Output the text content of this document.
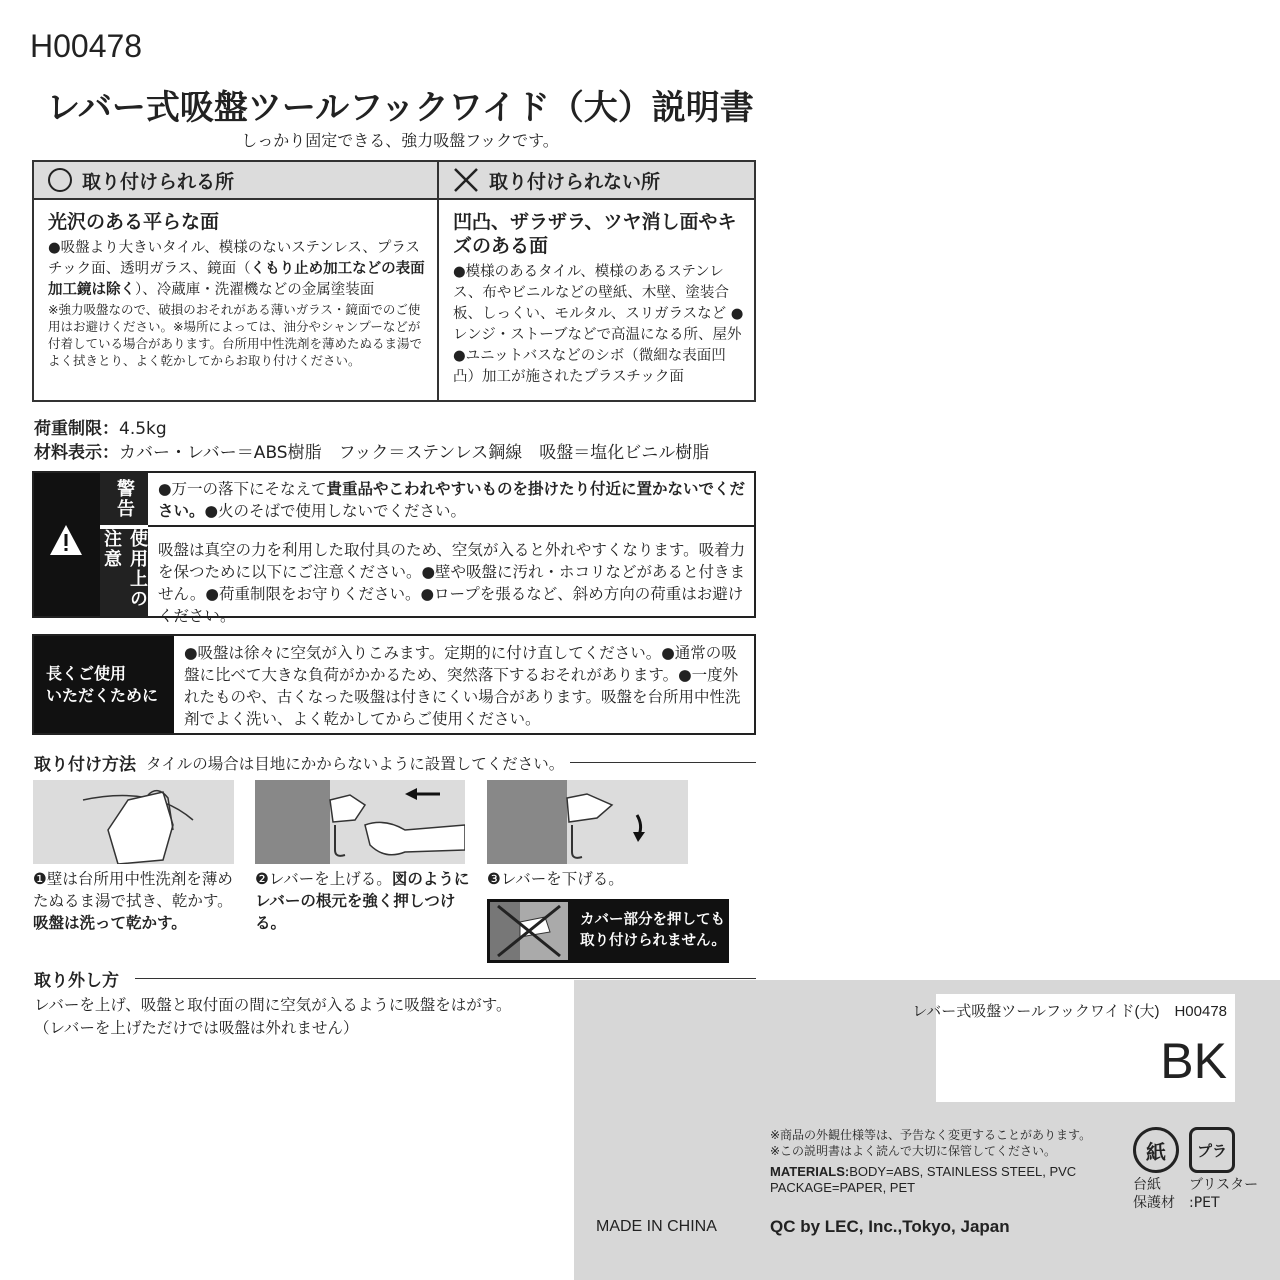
H00478
レバー式吸盤ツールフックワイド（大）説明書
しっかり固定できる、強力吸盤フックです。
取り付けられる所
光沢のある平らな面

●吸盤より大きいタイル、模様のないステンレス、プラスチック面、透明ガラス、鏡面（くもり止め加工などの表面加工鏡は除く）、冷蔵庫・洗濯機などの金属塗装面

※強力吸盤なので、破損のおそれがある薄いガラス・鏡面でのご使用はお避けください。※場所によっては、油分やシャンプーなどが付着している場合があります。台所用中性洗剤を薄めたぬるま湯でよく拭きとり、よく乾かしてからお取り付けください。

取り付けられない所
凹凸、ザラザラ、ツヤ消し面やキズのある面

●模様のあるタイル、模様のあるステンレス、布やビニルなどの壁紙、木壁、塗装合板、しっくい、モルタル、スリガラスなど ●レンジ・ストーブなどで高温になる所、屋外 ●ユニットバスなどのシボ（微細な表面凹凸）加工が施されたプラスチック面

荷重制限：4.5kg
材料表示：カバー・レバー＝ABS樹脂　フック＝ステンレス鋼線　吸盤＝塩化ビニル樹脂
警告
使用上の注意
●万一の落下にそなえて貴重品やこわれやすいものを掛けたり付近に置かないでください。●火のそばで使用しないでください。
吸盤は真空の力を利用した取付具のため、空気が入ると外れやすくなります。吸着力を保つために以下にご注意ください。●壁や吸盤に汚れ・ホコリなどがあると付きません。●荷重制限をお守りください。●ロープを張るなど、斜め方向の荷重はお避けください。
長くご使用
いただくために
●吸盤は徐々に空気が入りこみます。定期的に付け直してください。●通常の吸盤に比べて大きな負荷がかかるため、突然落下するおそれがあります。●一度外れたものや、古くなった吸盤は付きにくい場合があります。吸盤を台所用中性洗剤でよく洗い、よく乾かしてからご使用ください。
取り付け方法 タイルの場合は目地にかからないように設置してください。
❶壁は台所用中性洗剤を薄めたぬるま湯で拭き、乾かす。吸盤は洗って乾かす。
❷レバーを上げる。図のようにレバーの根元を強く押しつける。
❸レバーを下げる。
カバー部分を押しても
取り付けられません。
取り外し方
レバーを上げ、吸盤と取付面の間に空気が入るように吸盤をはがす。
（レバーを上げただけでは吸盤は外れません）
レバー式吸盤ツールフックワイド(大)　H00478
BK
※商品の外観仕様等は、予告なく変更することがあります。
※この説明書はよく読んで大切に保管してください。
MATERIALS:BODY=ABS, STAINLESS STEEL, PVC
PACKAGE=PAPER, PET
紙	プラ
台紙
保護材
ブリスター
:PET
MADE IN CHINA	QC by LEC, Inc.,Tokyo, Japan
